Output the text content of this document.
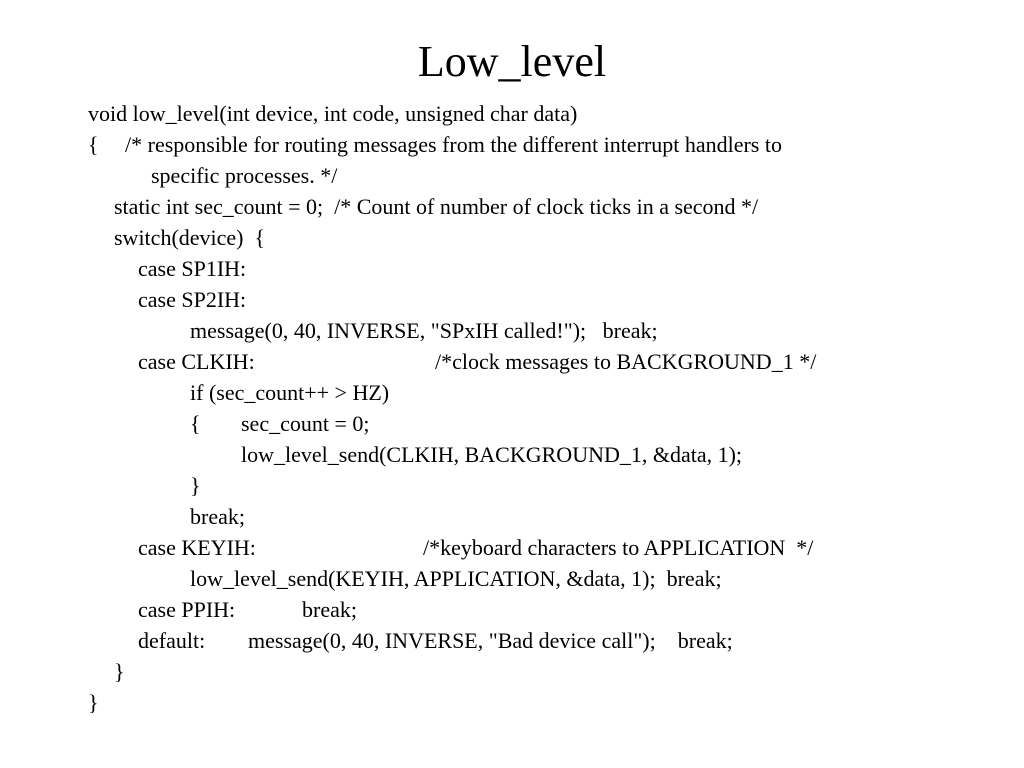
Low_level
void low_level(int device, int code, unsigned char data)

{

/* responsible for routing messages from the different interrupt handlers to

specific processes. */
static int sec_count = 0;  /* Count of number of clock ticks in a second */
switch(device)  {
case SP1IH:
case SP2IH:
message(0, 40, INVERSE, "SPxIH called!");   break;

case CLKIH:

	/*clock messages to BACKGROUND_1 */

if (sec_count++ > HZ)

{

sec_count = 0;

low_level_send(CLKIH, BACKGROUND_1, &data, 1);
}
break;

case KEYIH:

	/*keyboard characters to APPLICATION  */

low_level_send(KEYIH, APPLICATION, &data, 1);  break;

case PPIH:

	break;

default:

message(0, 40, INVERSE, "Bad device call");    break;

}
}
